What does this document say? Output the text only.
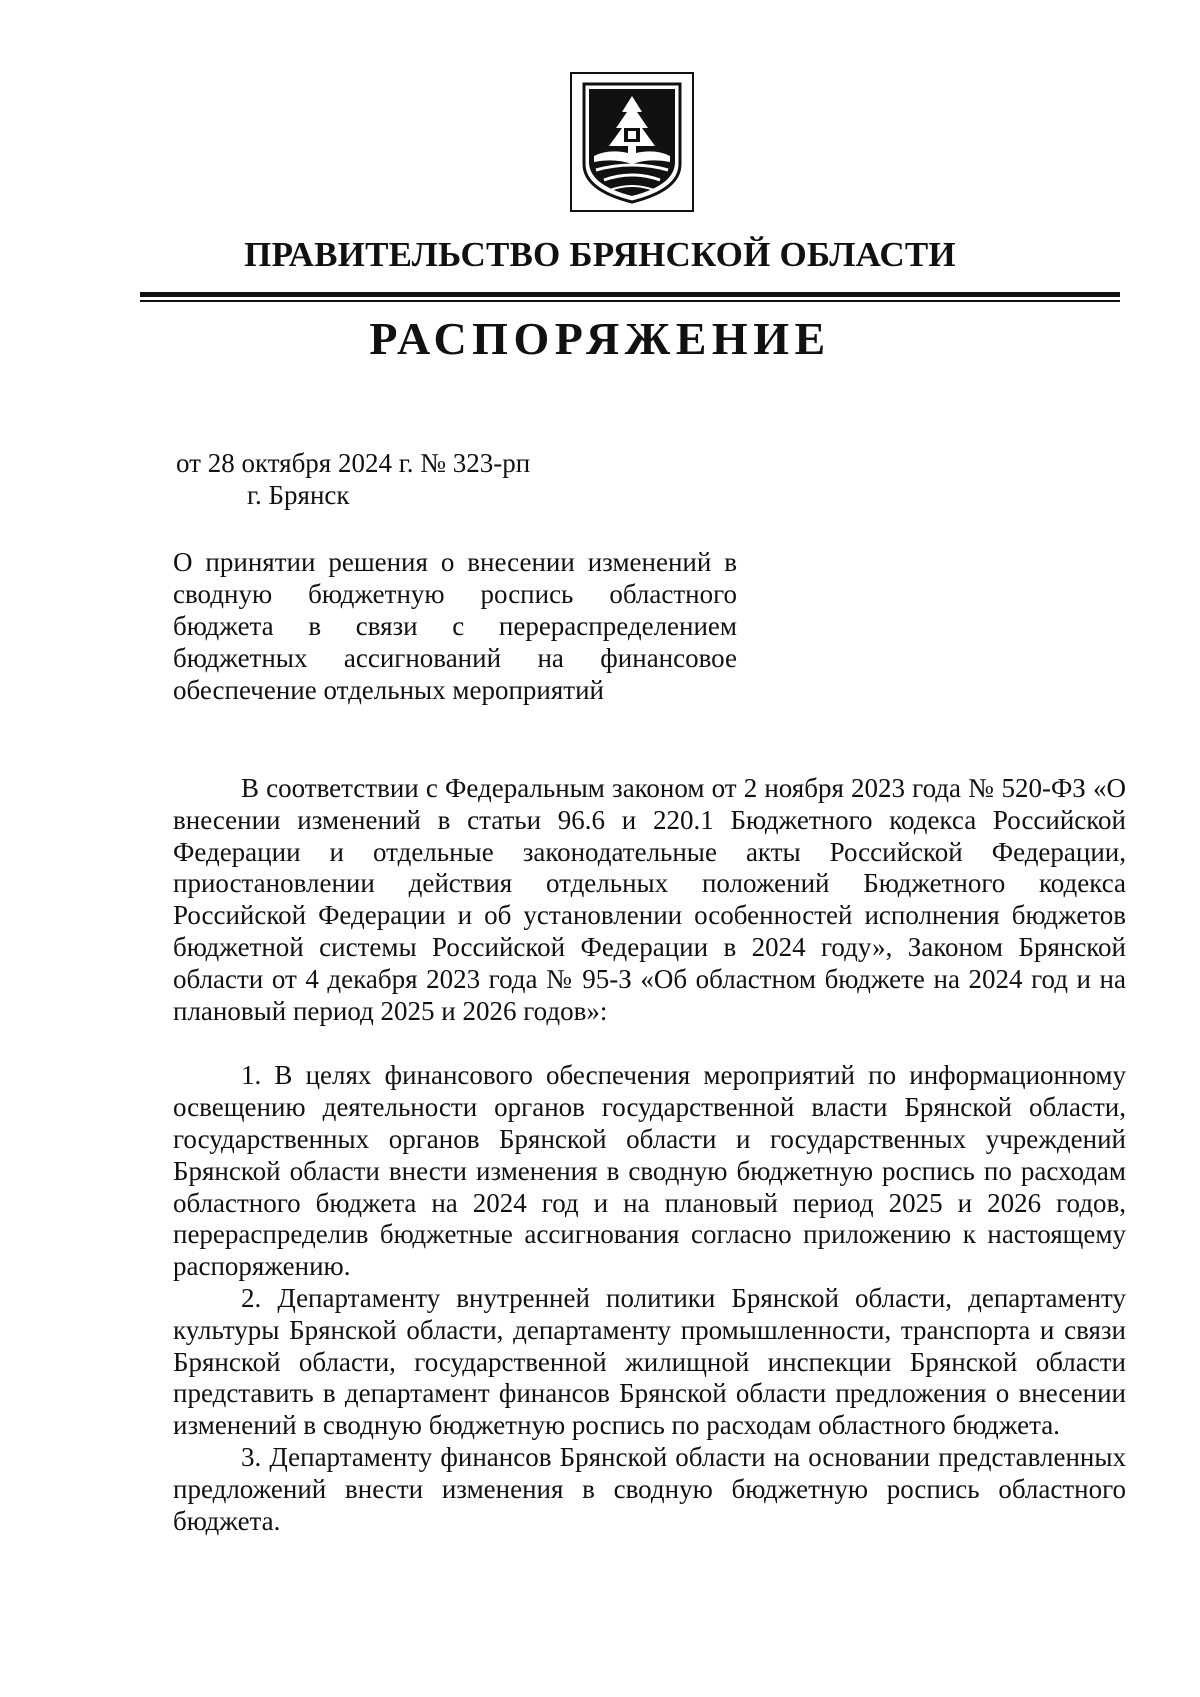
ПРАВИТЕЛЬСТВО БРЯНСКОЙ ОБЛАСТИ
РАСПОРЯЖЕНИЕ
от 28 октября 2024 г. № 323-рп
г. Брянск
О принятии решения о внесении изменений в сводную бюджетную роспись областного бюджета в связи с перераспределением бюджетных ассигнований на финансовое обеспечение отдельных мероприятий

В соответствии с Федеральным законом от 2 ноября 2023 года № 520-ФЗ «О внесении изменений в статьи 96.6 и 220.1 Бюджетного кодекса Российской Федерации и отдельные законодательные акты Российской Федерации, приостановлении действия отдельных положений Бюджетного кодекса Российской Федерации и об установлении особенностей исполнения бюджетов бюджетной системы Российской Федерации в 2024 году», Законом Брянской области от 4 декабря 2023 года № 95-З «Об областном бюджете на 2024 год и на плановый период 2025 и 2026 годов»:

1. В целях финансового обеспечения мероприятий по информационному освещению деятельности органов государственной власти Брянской области, государственных органов Брянской области и государственных учреждений Брянской области внести изменения в сводную бюджетную роспись по расходам областного бюджета на 2024 год и на плановый период 2025 и 2026 годов, перераспределив бюджетные ассигнования согласно приложению к настоящему распоряжению.

2. Департаменту внутренней политики Брянской области, департаменту культуры Брянской области, департаменту промышленности, транспорта и связи Брянской области, государственной жилищной инспекции Брянской области представить в департамент финансов Брянской области предложения о внесении изменений в сводную бюджетную роспись по расходам областного бюджета.

3. Департаменту финансов Брянской области на основании представленных предложений внести изменения в сводную бюджетную роспись областного бюджета.
